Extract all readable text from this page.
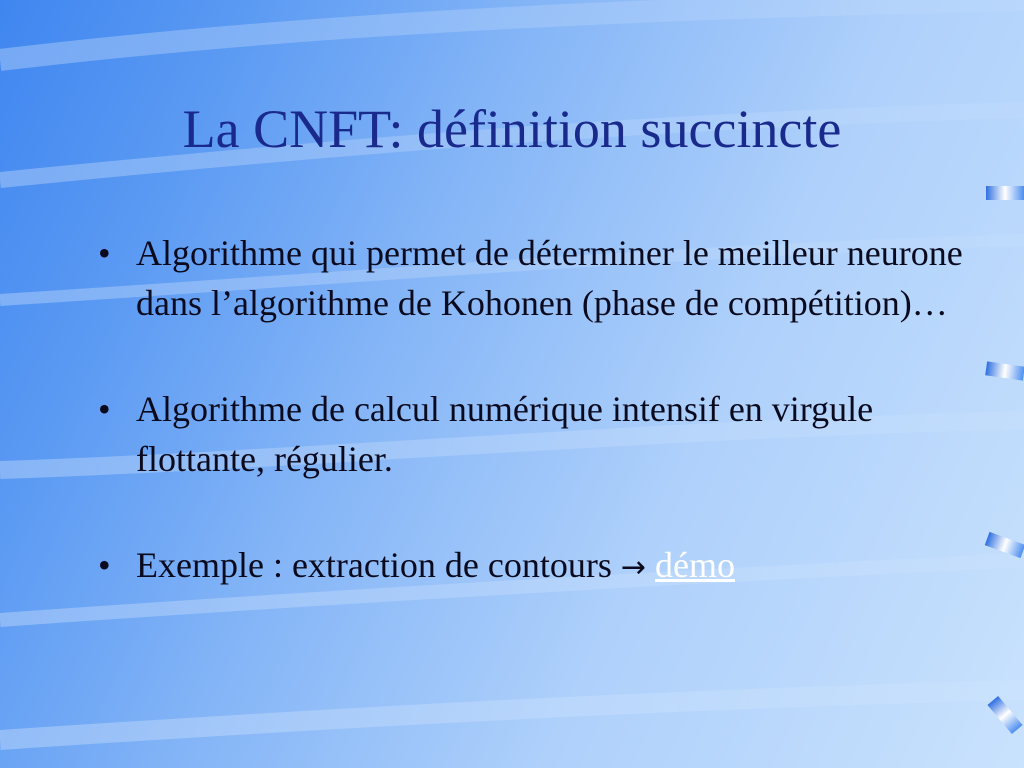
La CNFT: définition succincte
• Algorithme qui permet de déterminer le meilleur neurone dans l’algorithme de Kohonen (phase de compétition)…
• Algorithme de calcul numérique intensif en virgule flottante, régulier.
• Exemple : extraction de contours → démo
